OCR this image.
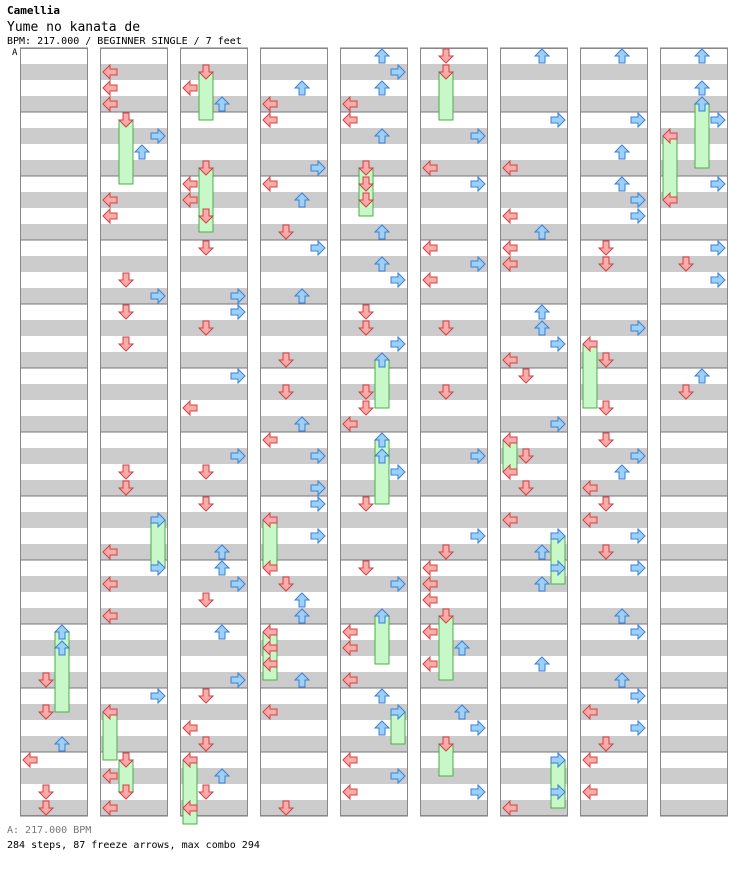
Camellia
Yume no kanata de
BPM: 217.000 / BEGINNER SINGLE / 7 feet
A
A: 217.000 BPM
284 steps, 87 freeze arrows, max combo 294
